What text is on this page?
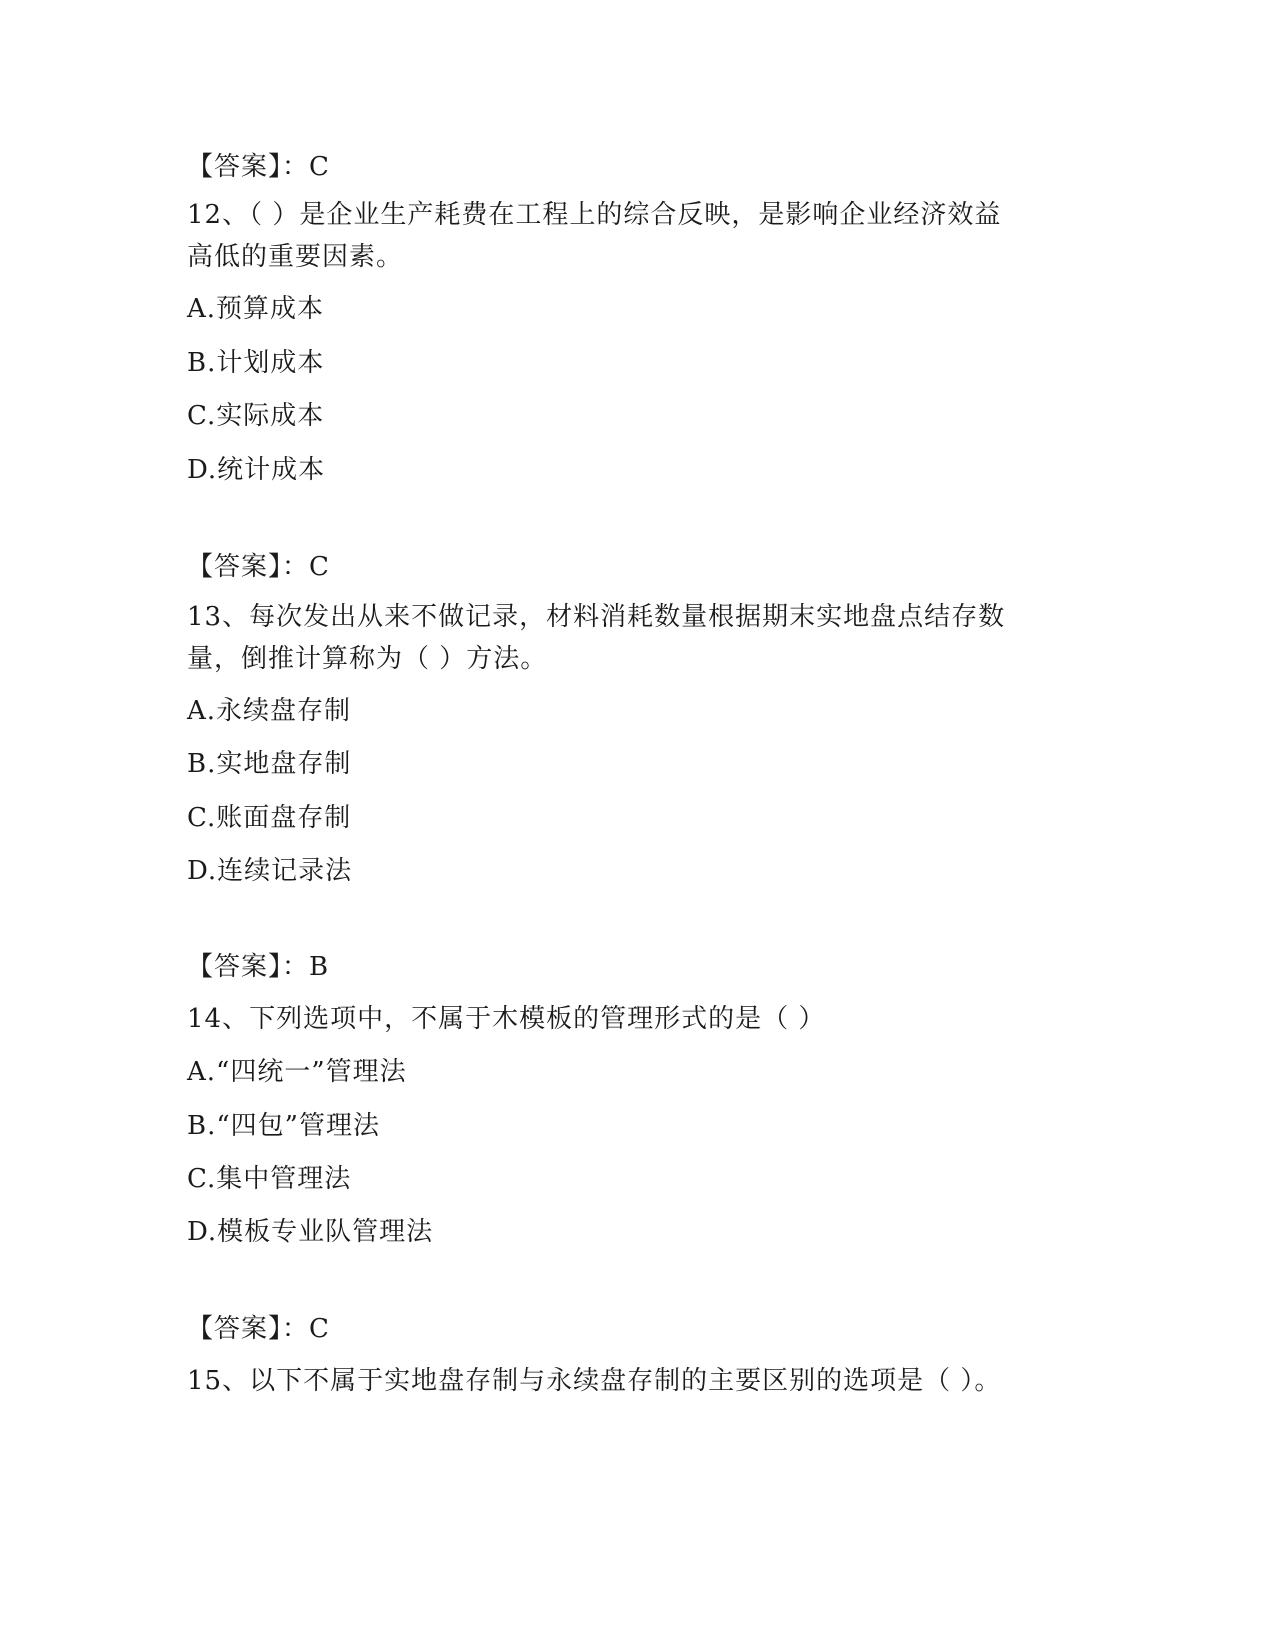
【答案】：C
12、（ ）是企业生产耗费在工程上的综合反映，是影响企业经济效益
高低的重要因素。
A.预算成本
B.计划成本
C.实际成本
D.统计成本
【答案】：C
13、每次发出从来不做记录，材料消耗数量根据期末实地盘点结存数
量，倒推计算称为（ ）方法。
A.永续盘存制
B.实地盘存制
C.账面盘存制
D.连续记录法
【答案】：B
14、下列选项中，不属于木模板的管理形式的是（ ）
A.“四统一”管理法
B.“四包”管理法
C.集中管理法
D.模板专业队管理法
【答案】：C
15、以下不属于实地盘存制与永续盘存制的主要区别的选项是（ ）。
